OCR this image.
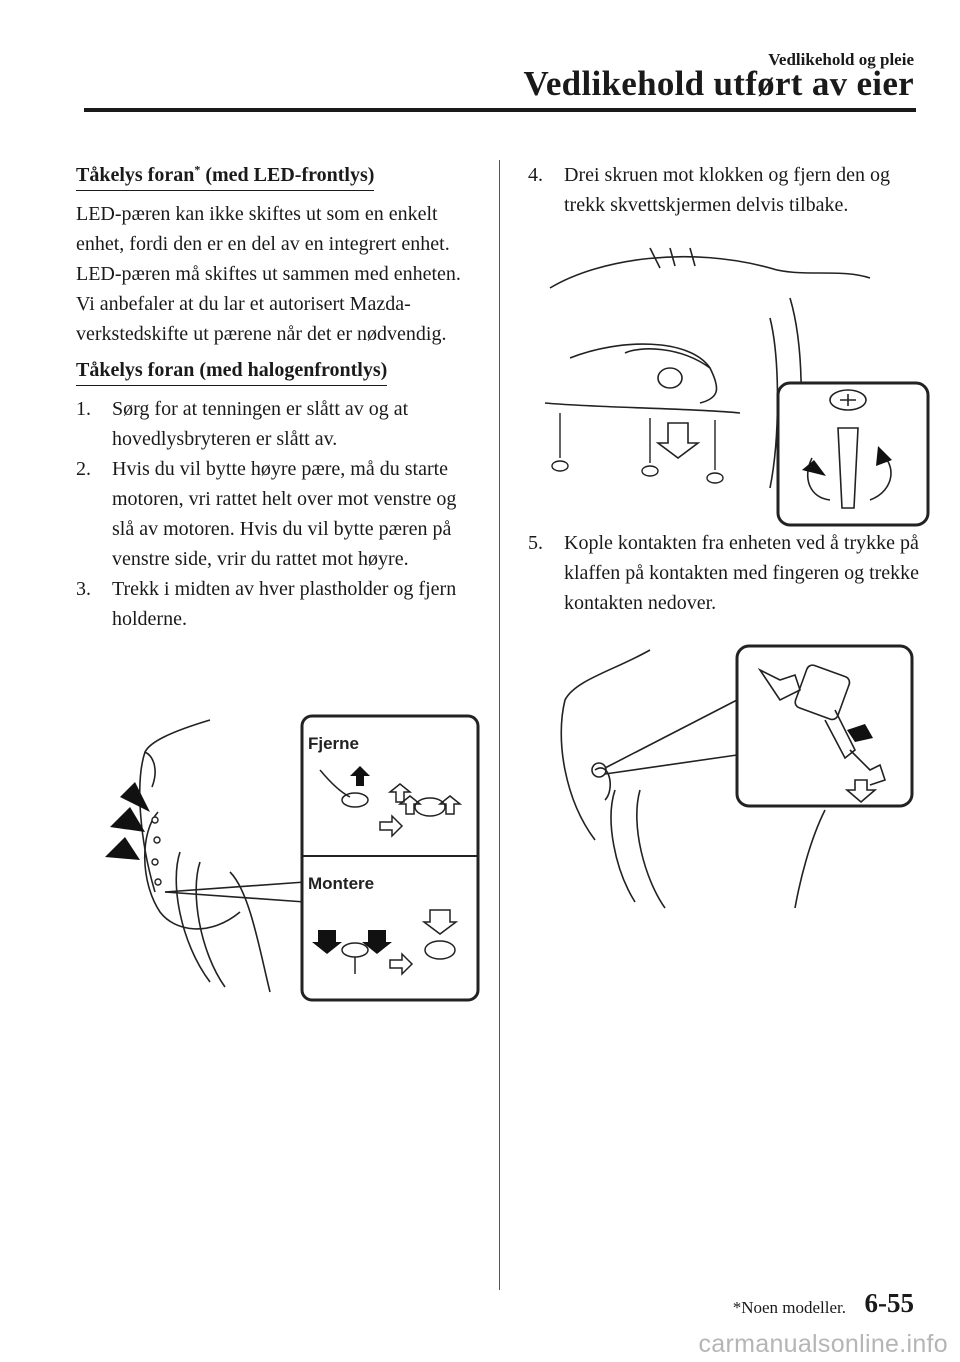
Vedlikehold og pleie
Vedlikehold utført av eier
Tåkelys foran* (med LED-frontlys)

LED-pæren kan ikke skiftes ut som en enkelt enhet, fordi den er en del av en integrert enhet.

LED-pæren må skiftes ut sammen med enheten. Vi anbefaler at du lar et autorisert Mazda-verkstedskifte ut pærene når det er nødvendig.

Tåkelys foran (med halogenfrontlys)
1. Sørg for at tenningen er slått av og at hovedlysbryteren er slått av.
2. Hvis du vil bytte høyre pære, må du starte motoren, vri rattet helt over mot venstre og slå av motoren. Hvis du vil bytte pæren på venstre side, vrir du rattet mot høyre.
3. Trekk i midten av hver plastholder og fjern holderne.
Fjerne
Montere
4. Drei skruen mot klokken og fjern den og trekk skvettskjermen delvis tilbake.
5. Kople kontakten fra enheten ved å trykke på klaffen på kontakten med fingeren og trekke kontakten nedover.
*Noen modeller. 6-55
carmanualsonline.info
